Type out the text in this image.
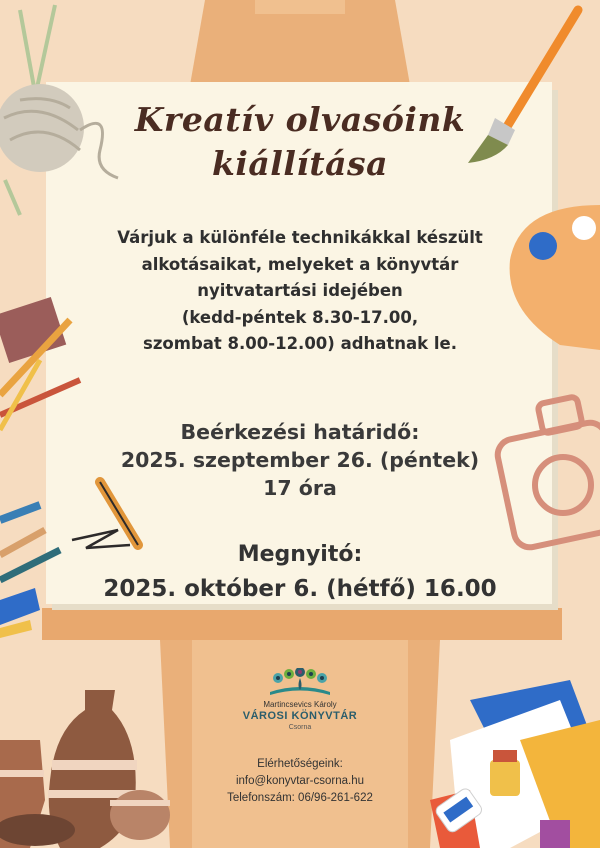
Kreatív olvasóink
kiállítása
Várjuk a különféle technikákkal készült
alkotásaikat, melyeket a könyvtár
nyitvatartási idejében
(kedd-péntek 8.30-17.00,
szombat 8.00-12.00) adhatnak le.
Beérkezési határidő:
2025. szeptember 26. (péntek)
17 óra
Megnyitó:
2025. október 6. (hétfő) 16.00
Martincsevics Károly
VÁROSI KÖNYVTÁR
Csorna
Elérhetőségeink:
info@konyvtar-csorna.hu
Telefonszám: 06/96-261-622
